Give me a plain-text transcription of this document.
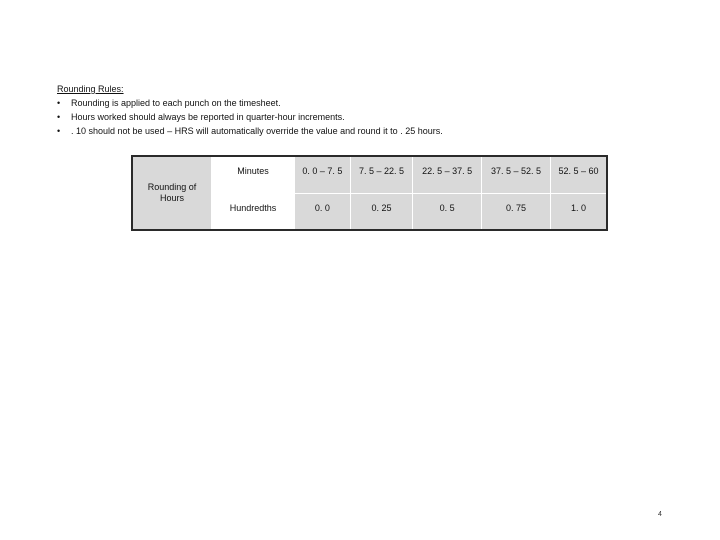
Rounding Rules:
• Rounding is applied to each punch on the timesheet.
• Hours worked should always be reported in quarter-hour increments.
• . 10 should not be used – HRS will automatically override the value and round it to . 25 hours.
Rounding of Hours	Minutes	0. 0 – 7. 5	7. 5 – 22. 5	22. 5 – 37. 5	37. 5 – 52. 5	52. 5 – 60
	Hundredths	0. 0	0. 25	0. 5	0. 75	1. 0
4
